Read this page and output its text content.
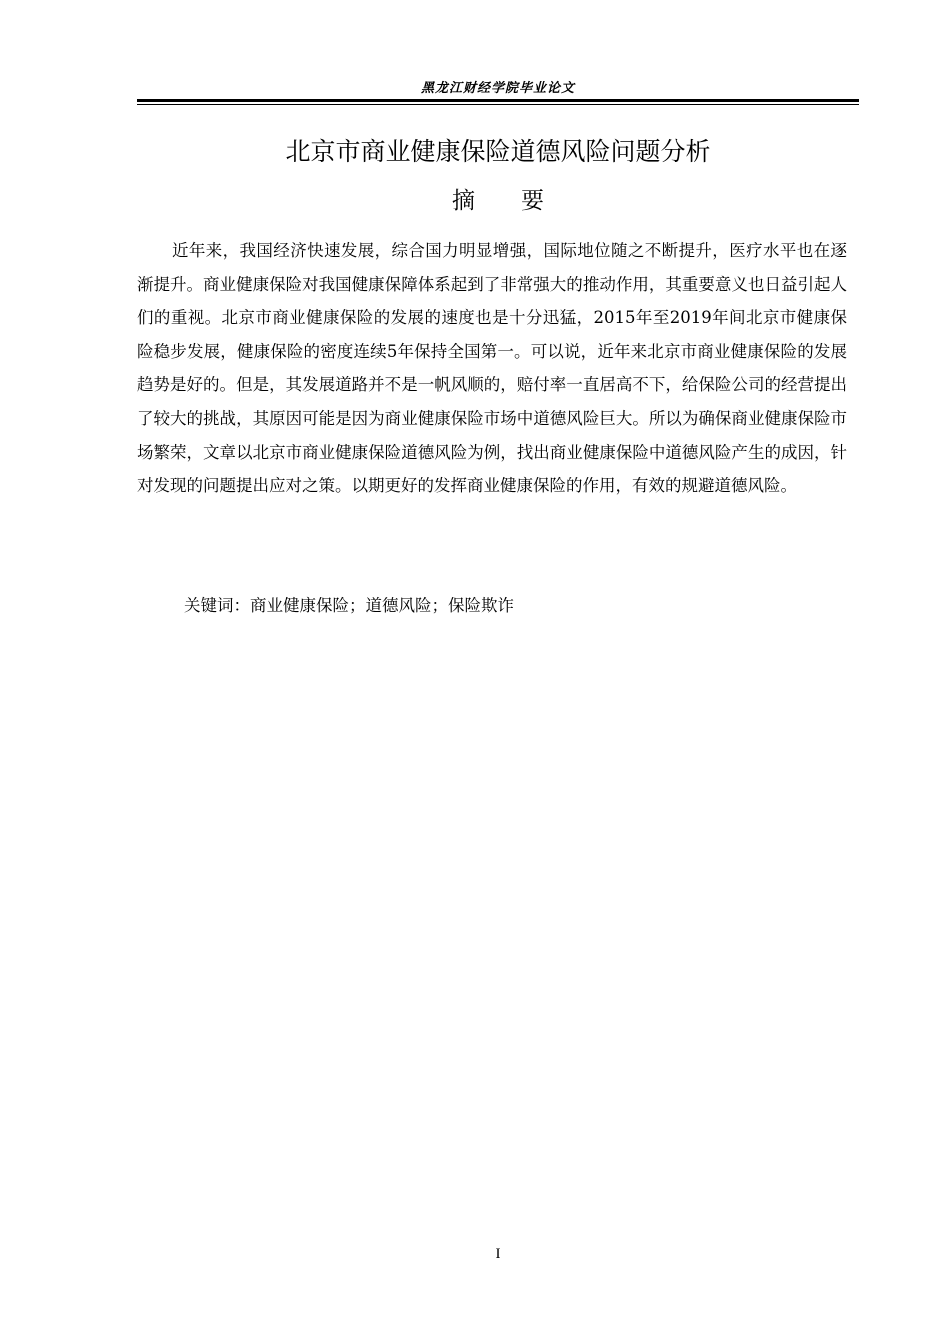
黑龙江财经学院毕业论文
北京市商业健康保险道德风险问题分析
摘要

近年来，我国经济快速发展，综合国力明显增强，国际地位随之不断提升，医疗水平也在逐渐提升。商业健康保险对我国健康保障体系起到了非常强大的推动作用，其重要意义也日益引起人们的重视。北京市商业健康保险的发展的速度也是十分迅猛，2015年至2019年间北京市健康保险稳步发展，健康保险的密度连续5年保持全国第一。可以说，近年来北京市商业健康保险的发展趋势是好的。但是，其发展道路并不是一帆风顺的，赔付率一直居高不下，给保险公司的经营提出了较大的挑战，其原因可能是因为商业健康保险市场中道德风险巨大。所以为确保商业健康保险市场繁荣，文章以北京市商业健康保险道德风险为例，找出商业健康保险中道德风险产生的成因，针对发现的问题提出应对之策。以期更好的发挥商业健康保险的作用，有效的规避道德风险。

关键词：商业健康保险；道德风险；保险欺诈
I
